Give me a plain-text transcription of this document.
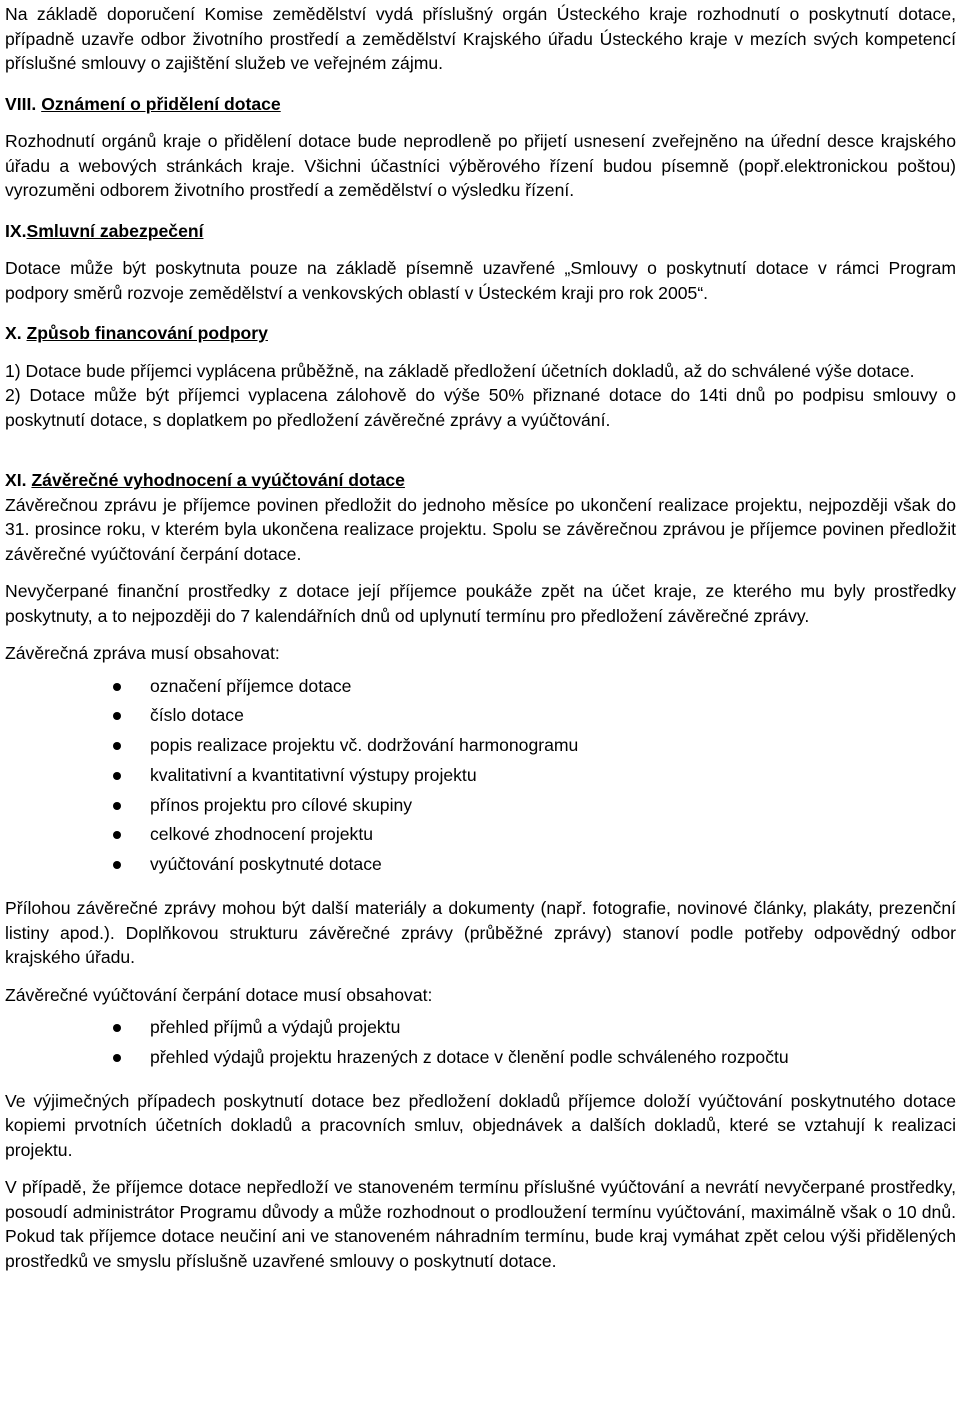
Na základě doporučení Komise zemědělství vydá příslušný orgán Ústeckého kraje rozhodnutí o poskytnutí dotace, případně uzavře odbor životního prostředí a zemědělství Krajského úřadu Ústeckého kraje v mezích svých kompetencí příslušné smlouvy o zajištění služeb ve veřejném zájmu.

VIII. Oznámení o přidělení dotace

Rozhodnutí orgánů kraje o přidělení dotace bude neprodleně po přijetí usnesení zveřejněno na úřední desce krajského úřadu a webových stránkách kraje. Všichni účastníci výběrového řízení budou písemně (popř.elektronickou poštou) vyrozuměni odborem životního prostředí a zemědělství o výsledku řízení.

IX.Smluvní zabezpečení

Dotace může být poskytnuta pouze na základě písemně uzavřené „Smlouvy o poskytnutí dotace v rámci Program podpory směrů rozvoje zemědělství a venkovských oblastí v Ústeckém kraji pro rok 2005“.

X. Způsob financování podpory

1) Dotace bude příjemci vyplácena průběžně, na základě předložení účetních dokladů, až do schválené výše dotace.

2) Dotace může být příjemci vyplacena zálohově do výše 50% přiznané dotace do 14ti dnů po podpisu smlouvy o poskytnutí dotace, s doplatkem po předložení závěrečné zprávy a vyúčtování.

XI. Závěrečné vyhodnocení a vyúčtování dotace

Závěrečnou zprávu je příjemce povinen předložit do jednoho měsíce po ukončení realizace projektu, nejpozději však do 31. prosince roku, v kterém byla ukončena realizace projektu. Spolu se závěrečnou zprávou je příjemce povinen předložit závěrečné vyúčtování čerpání dotace.

Nevyčerpané finanční prostředky z dotace její příjemce poukáže zpět na účet kraje, ze kterého mu byly prostředky poskytnuty, a to nejpozději do 7 kalendářních dnů od uplynutí termínu pro předložení závěrečné zprávy.

Závěrečná zpráva musí obsahovat:

označení příjemce dotace
číslo dotace
popis realizace projektu vč. dodržování harmonogramu
kvalitativní a kvantitativní výstupy projektu
přínos projektu pro cílové skupiny
celkové zhodnocení projektu
vyúčtování poskytnuté dotace

Přílohou závěrečné zprávy mohou být další materiály a dokumenty (např. fotografie, novinové články, plakáty, prezenční listiny apod.). Doplňkovou strukturu závěrečné zprávy (průběžné zprávy) stanoví podle potřeby odpovědný odbor krajského úřadu.

Závěrečné vyúčtování čerpání dotace musí obsahovat:

přehled příjmů a výdajů projektu
přehled výdajů projektu hrazených z dotace v členění podle schváleného rozpočtu

Ve výjimečných případech poskytnutí dotace bez předložení dokladů příjemce doloží vyúčtování poskytnutého dotace kopiemi prvotních účetních dokladů a pracovních smluv, objednávek a dalších dokladů, které se vztahují k realizaci projektu.

V případě, že příjemce dotace nepředloží ve stanoveném termínu příslušné vyúčtování a nevrátí nevyčerpané prostředky, posoudí administrátor Programu důvody a může rozhodnout o prodloužení termínu vyúčtování, maximálně však o 10 dnů. Pokud tak příjemce dotace neučiní ani ve stanoveném náhradním termínu, bude kraj vymáhat zpět celou výši přidělených prostředků ve smyslu příslušně uzavřené smlouvy o poskytnutí dotace.
